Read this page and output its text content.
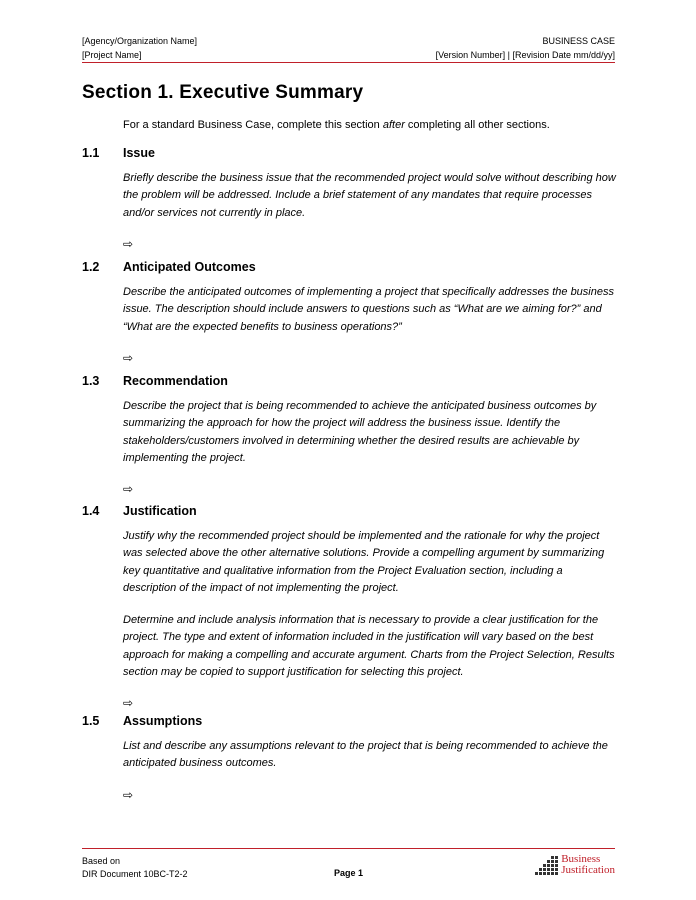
[Agency/Organization Name]	BUSINESS CASE
[Project Name]	[Version Number] | [Revision Date mm/dd/yy]
Section 1. Executive Summary
For a standard Business Case, complete this section after completing all other sections.
1.1	Issue
Briefly describe the business issue that the recommended project would solve without describing how the problem will be addressed. Include a brief statement of any mandates that require processes and/or services not currently in place.
⇨
1.2	Anticipated Outcomes
Describe the anticipated outcomes of implementing a project that specifically addresses the business issue. The description should include answers to questions such as “What are we aiming for?” and “What are the expected benefits to business operations?”
⇨
1.3	Recommendation
Describe the project that is being recommended to achieve the anticipated business outcomes by summarizing the approach for how the project will address the business issue. Identify the stakeholders/customers involved in determining whether the desired results are achievable by implementing the project.
⇨
1.4	Justification
Justify why the recommended project should be implemented and the rationale for why the project was selected above the other alternative solutions. Provide a compelling argument by summarizing key quantitative and qualitative information from the Project Evaluation section, including a description of the impact of not implementing the project.
Determine and include analysis information that is necessary to provide a clear justification for the project. The type and extent of information included in the justification will vary based on the best approach for making a compelling and accurate argument. Charts from the Project Selection, Results section may be copied to support justification for selecting this project.
⇨
1.5	Assumptions
List and describe any assumptions relevant to the project that is being recommended to achieve the anticipated business outcomes.
⇨
Based on
DIR Document 10BC-T2-2	Page 1
Business
Justification
